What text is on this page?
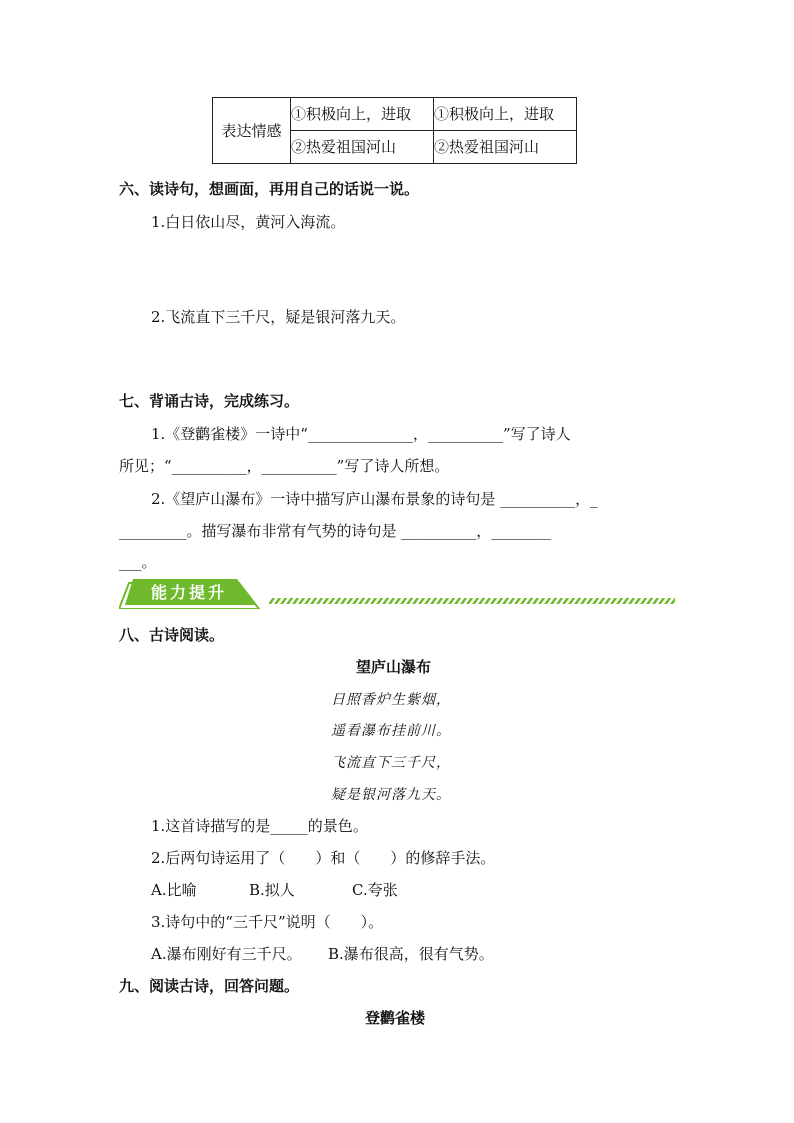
表达情感	①积极向上，进取	①积极向上，进取
	②热爱祖国河山	②热爱祖国河山
六、读诗句，想画面，再用自己的话说一说。
1.白日依山尽，黄河入海流。
2.飞流直下三千尺，疑是银河落九天。
七、背诵古诗，完成练习。
1.《登鹳雀楼》一诗中“______________，__________”写了诗人
所见；“__________，__________”写了诗人所想。
2.《望庐山瀑布》一诗中描写庐山瀑布景象的诗句是 __________，_
_________。描写瀑布非常有气势的诗句是 __________，________
___。
能力提升
八、古诗阅读。
望庐山瀑布
日照香炉生紫烟，
遥看瀑布挂前川。
飞流直下三千尺，
疑是银河落九天。
1.这首诗描写的是_____的景色。
2.后两句诗运用了（　　）和（　　）的修辞手法。
A.比喻	B.拟人	C.夸张
3.诗句中的“三千尺”说明（　　）。
A.瀑布刚好有三千尺。 B.瀑布很高，很有气势。
九、阅读古诗，回答问题。
登鹳雀楼
